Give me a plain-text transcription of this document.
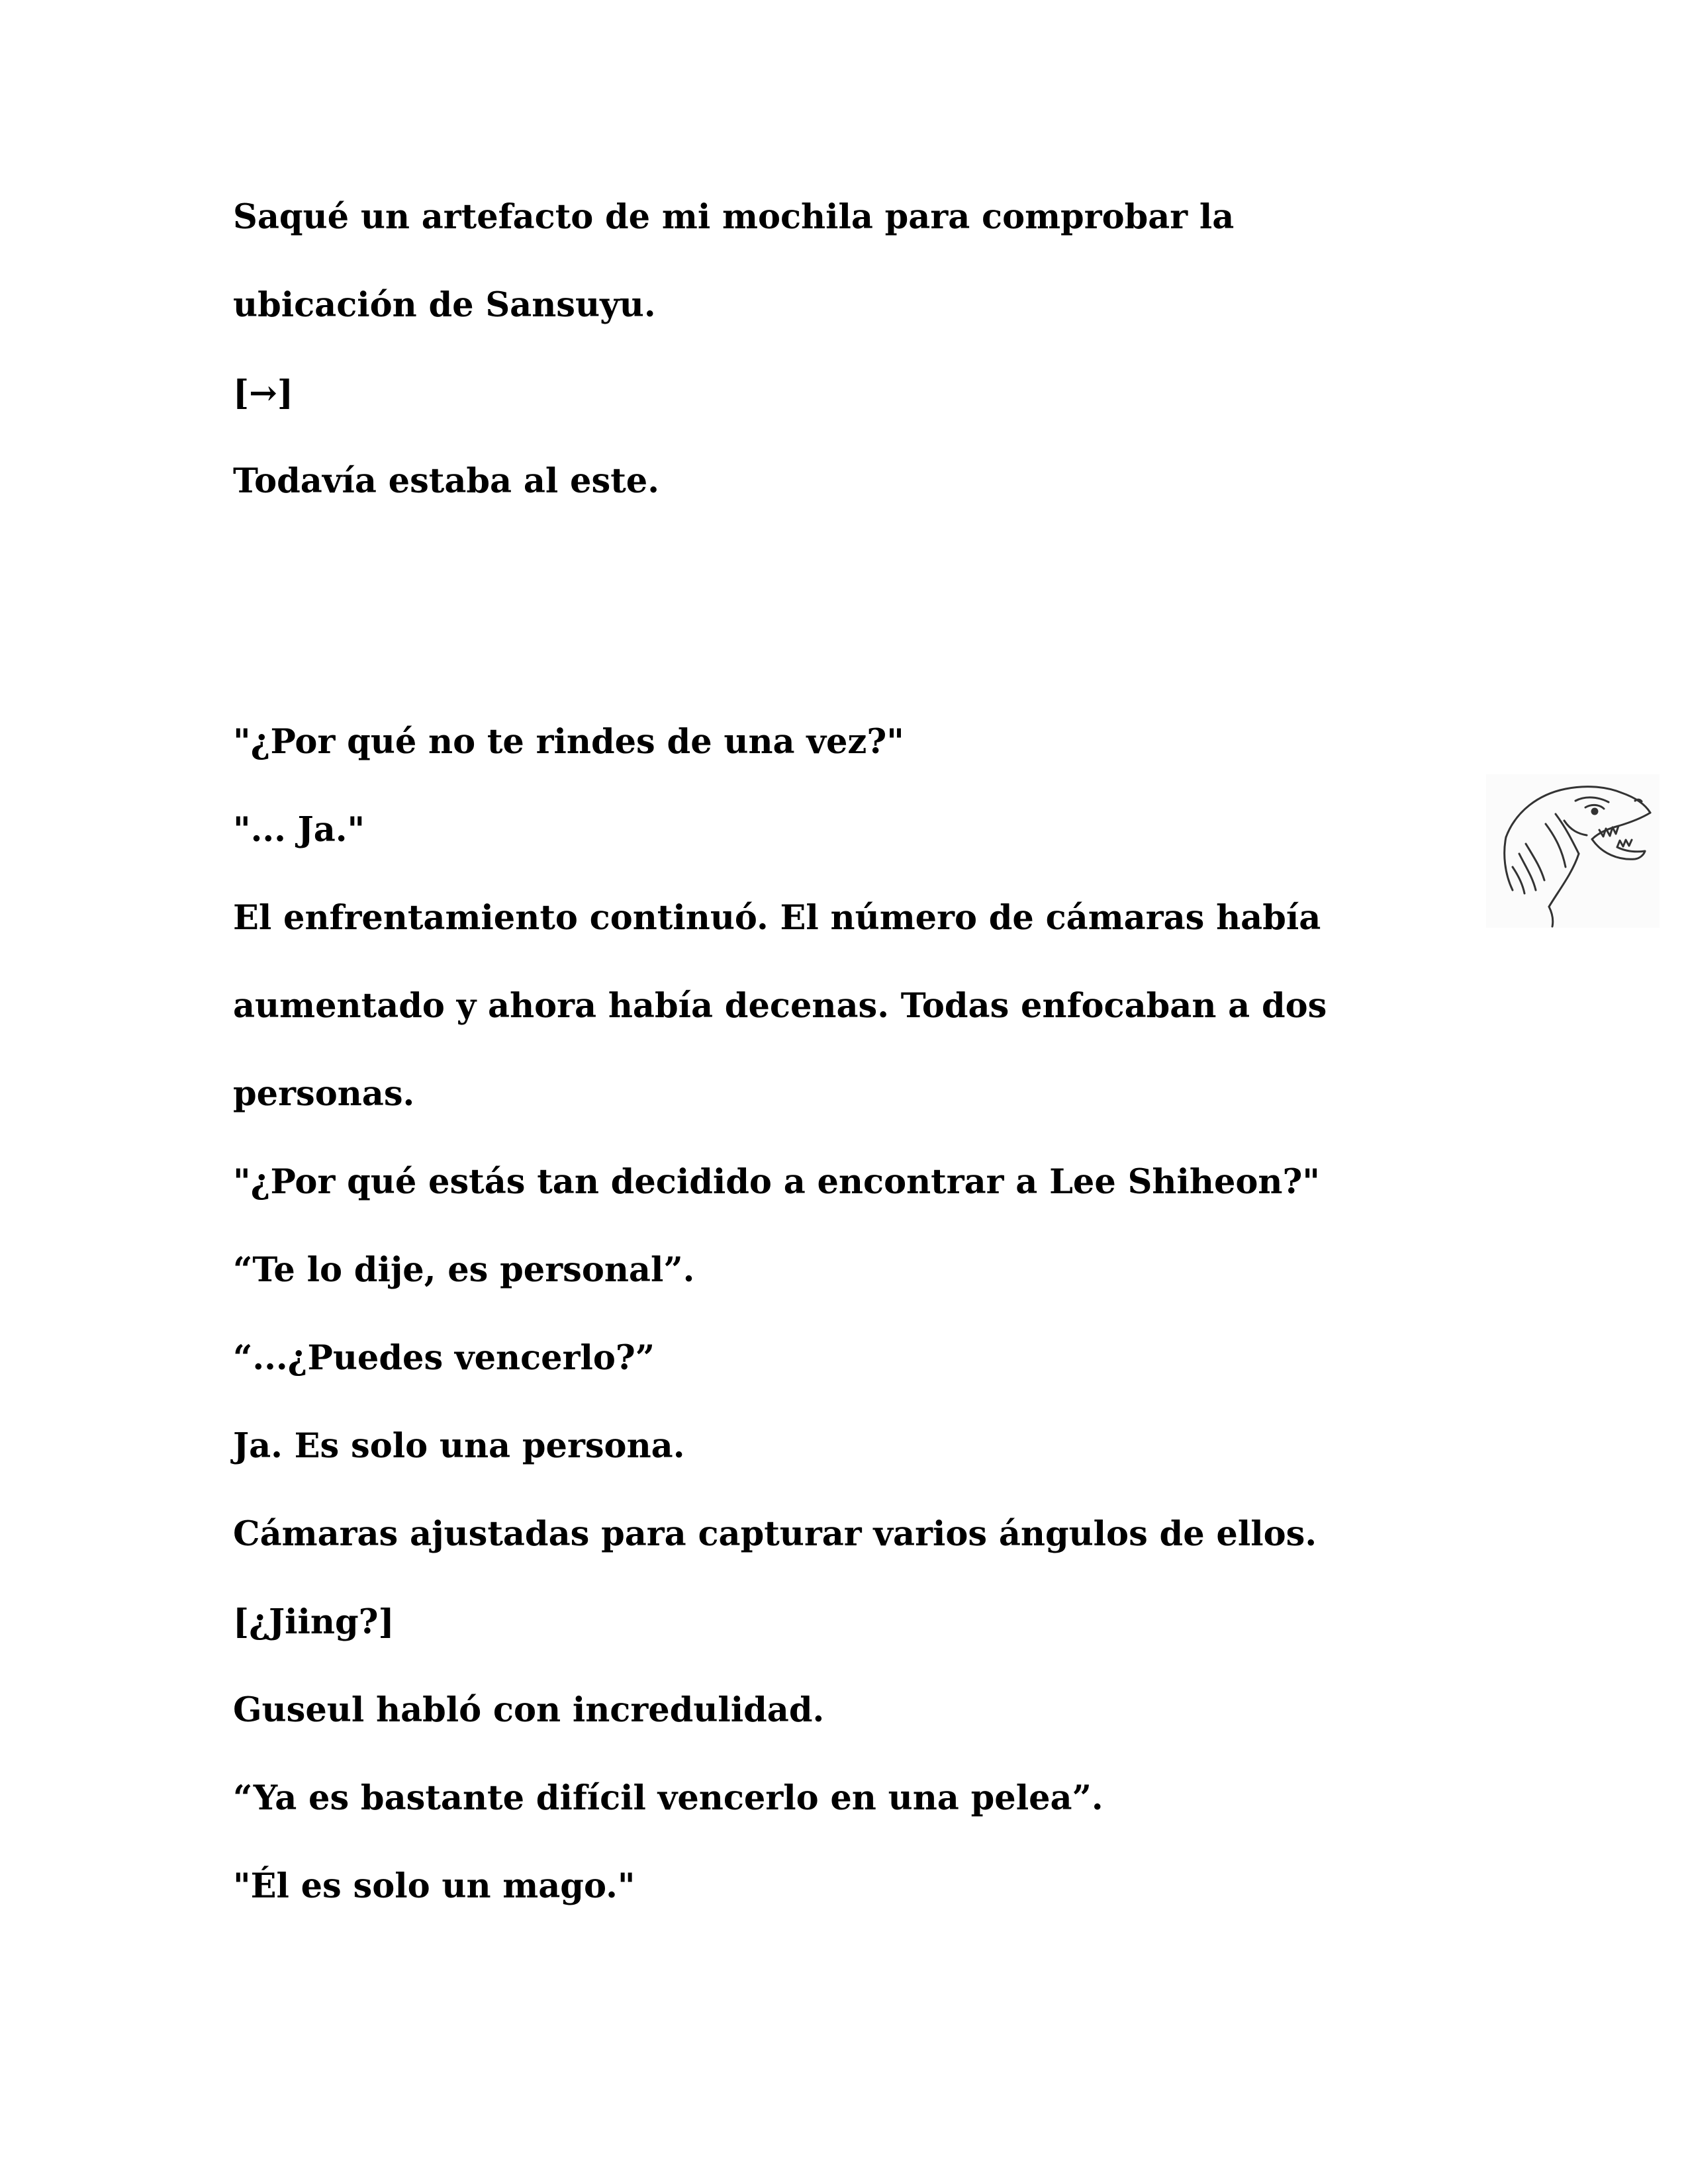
Saqué un artefacto de mi mochila para comprobar la

ubicación de Sansuyu.

[→]

Todavía estaba al este.

"¿Por qué no te rindes de una vez?"

"... Ja."

El enfrentamiento continuó. El número de cámaras había

aumentado y ahora había decenas. Todas enfocaban a dos

personas.

"¿Por qué estás tan decidido a encontrar a Lee Shiheon?"

“Te lo dije, es personal”.

“...¿Puedes vencerlo?”

Ja. Es solo una persona.

Cámaras ajustadas para capturar varios ángulos de ellos.

[¿Jiing?]

Guseul habló con incredulidad.

“Ya es bastante difícil vencerlo en una pelea”.

"Él es solo un mago."
